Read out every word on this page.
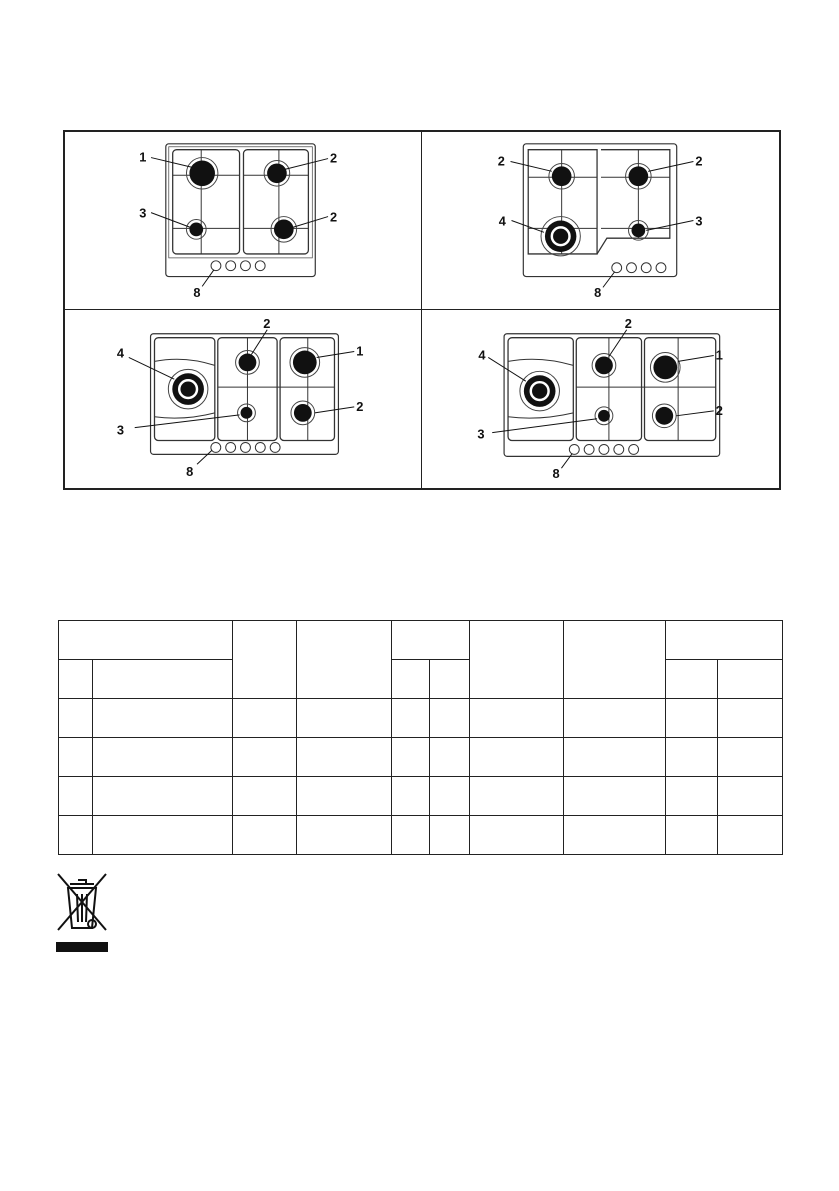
1	2
3	2
8
2	2
4	3
8
4
2
1
3
2
8
4
2
1
3
2
8
